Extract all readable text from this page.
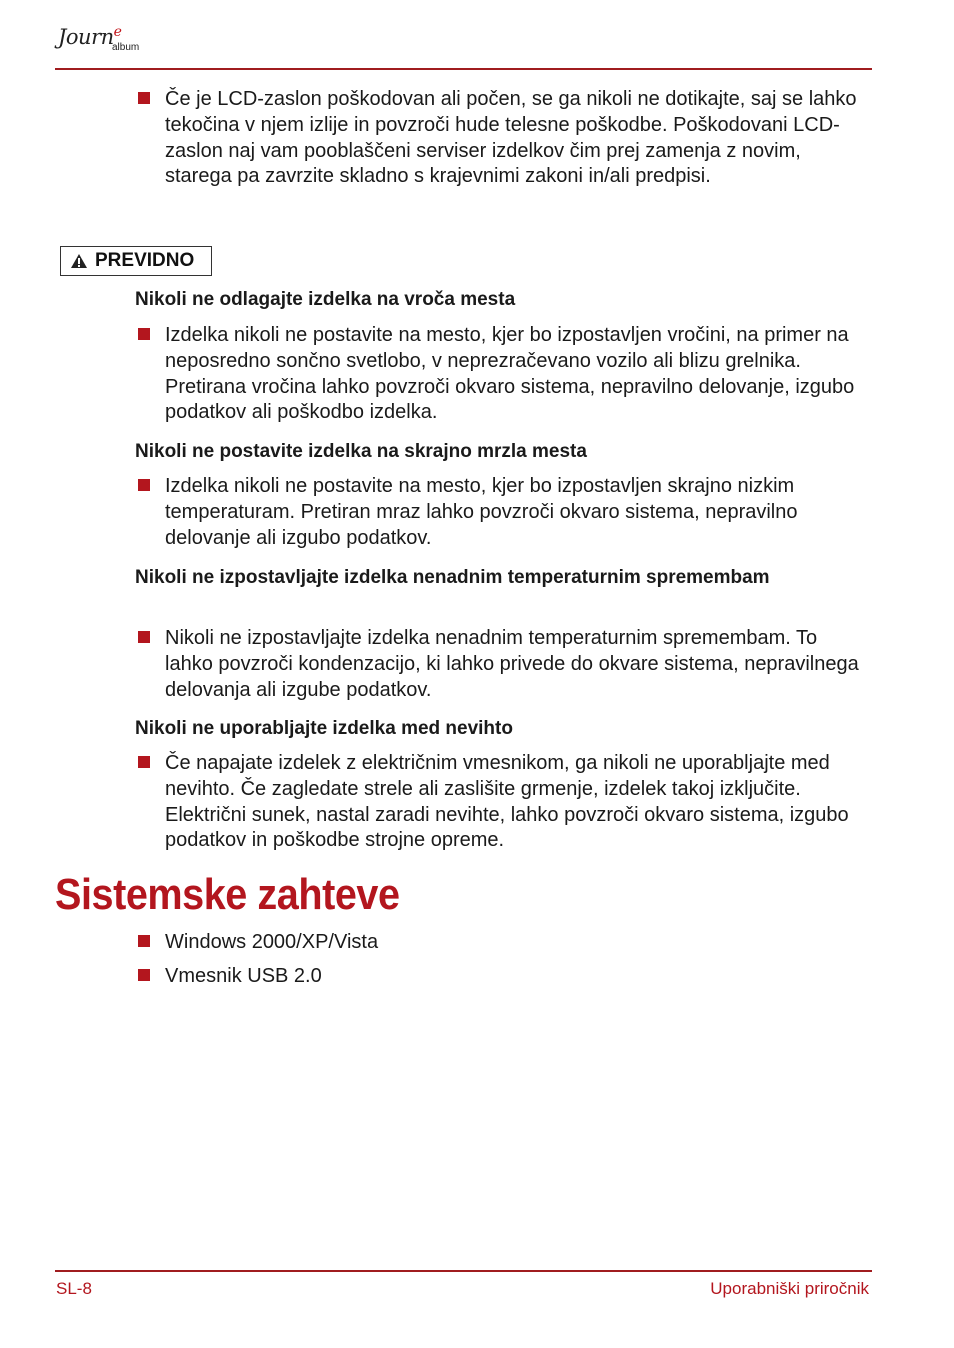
Journ$^e$
album
Če je LCD-zaslon poškodovan ali počen, se ga nikoli ne dotikajte, saj se lahko tekočina v njem izlije in povzroči hude telesne poškodbe. Poškodovani LCD-zaslon naj vam pooblaščeni serviser izdelkov čim prej zamenja z novim, starega pa zavrzite skladno s krajevnimi zakoni in/ali predpisi.
PREVIDNO
Nikoli ne odlagajte izdelka na vroča mesta
Izdelka nikoli ne postavite na mesto, kjer bo izpostavljen vročini, na primer na neposredno sončno svetlobo, v neprezračevano vozilo ali blizu grelnika. Pretirana vročina lahko povzroči okvaro sistema, nepravilno delovanje, izgubo podatkov ali poškodbo izdelka.
Nikoli ne postavite izdelka na skrajno mrzla mesta
Izdelka nikoli ne postavite na mesto, kjer bo izpostavljen skrajno nizkim temperaturam. Pretiran mraz lahko povzroči okvaro sistema, nepravilno delovanje ali izgubo podatkov.
Nikoli ne izpostavljajte izdelka nenadnim temperaturnim spremembam
Nikoli ne izpostavljajte izdelka nenadnim temperaturnim spremembam. To lahko povzroči kondenzacijo, ki lahko privede do okvare sistema, nepravilnega delovanja ali izgube podatkov.
Nikoli ne uporabljajte izdelka med nevihto
Če napajate izdelek z električnim vmesnikom, ga nikoli ne uporabljajte med nevihto. Če zagledate strele ali zaslišite grmenje, izdelek takoj izključite. Električni sunek, nastal zaradi nevihte, lahko povzroči okvaro sistema, izgubo podatkov in poškodbe strojne opreme.
Sistemske zahteve
Windows 2000/XP/Vista
Vmesnik USB 2.0
SL-8	Uporabniški priročnik
